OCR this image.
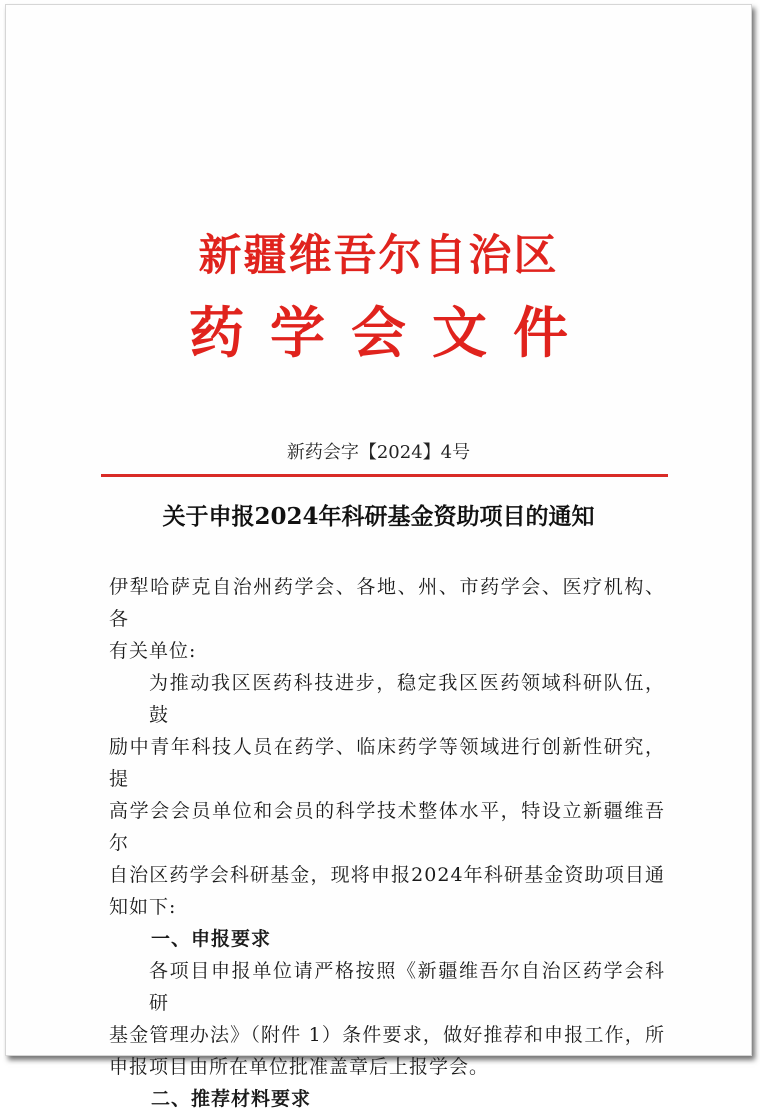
新疆维吾尔自治区
药学会文件
新药会字【2024】4号
关于申报2024年科研基金资助项目的通知
伊犁哈萨克自治州药学会、各地、州、市药学会、医疗机构、各
有关单位:
为推动我区医药科技进步，稳定我区医药领域科研队伍，鼓
励中青年科技人员在药学、临床药学等领域进行创新性研究，提
高学会会员单位和会员的科学技术整体水平，特设立新疆维吾尔
自治区药学会科研基金，现将申报2024年科研基金资助项目通
知如下:
一、申报要求
各项目申报单位请严格按照《新疆维吾尔自治区药学会科研
基金管理办法》（附件 1）条件要求，做好推荐和申报工作，所
申报项目由所在单位批准盖章后上报学会。
二、推荐材料要求
